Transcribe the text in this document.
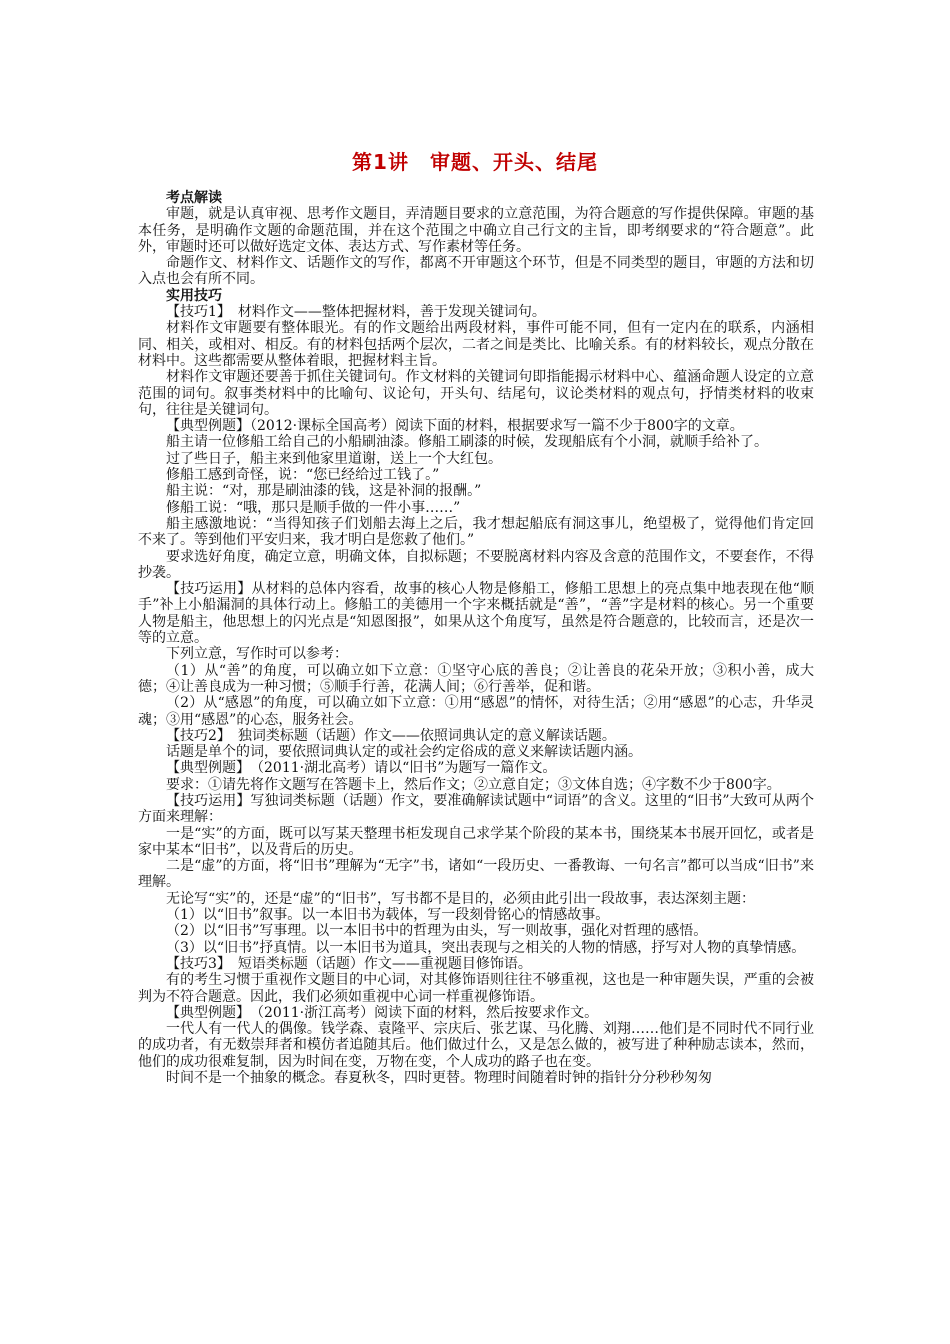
第1讲　审题、开头、结尾

考点解读

审题，就是认真审视、思考作文题目，弄清题目要求的立意范围，为符合题意的写作提供保障。审题的基本任务，是明确作文题的命题范围，并在这个范围之中确立自己行文的主旨，即考纲要求的“符合题意”。此外，审题时还可以做好选定文体、表达方式、写作素材等任务。

命题作文、材料作文、话题作文的写作，都离不开审题这个环节，但是不同类型的题目，审题的方法和切入点也会有所不同。

实用技巧

【技巧1】　材料作文——整体把握材料，善于发现关键词句。

材料作文审题要有整体眼光。有的作文题给出两段材料，事件可能不同，但有一定内在的联系，内涵相同、相关，或相对、相反。有的材料包括两个层次，二者之间是类比、比喻关系。有的材料较长，观点分散在材料中。这些都需要从整体着眼，把握材料主旨。

材料作文审题还要善于抓住关键词句。作文材料的关键词句即指能揭示材料中心、蕴涵命题人设定的立意范围的词句。叙事类材料中的比喻句、议论句，开头句、结尾句，议论类材料的观点句，抒情类材料的收束句，往往是关键词句。

【典型例题】（2012·课标全国高考）阅读下面的材料，根据要求写一篇不少于800字的文章。

船主请一位修船工给自己的小船刷油漆。修船工刷漆的时候，发现船底有个小洞，就顺手给补了。

过了些日子，船主来到他家里道谢，送上一个大红包。

修船工感到奇怪，说：“您已经给过工钱了。”

船主说：“对，那是刷油漆的钱，这是补洞的报酬。”

修船工说：“哦，那只是顺手做的一件小事……”

船主感激地说：“当得知孩子们划船去海上之后，我才想起船底有洞这事儿，绝望极了，觉得他们肯定回不来了。等到他们平安归来，我才明白是您救了他们。”

要求选好角度，确定立意，明确文体，自拟标题；不要脱离材料内容及含意的范围作文，不要套作，不得抄袭。

【技巧运用】从材料的总体内容看，故事的核心人物是修船工，修船工思想上的亮点集中地表现在他“顺手”补上小船漏洞的具体行动上。修船工的美德用一个字来概括就是“善”，“善”字是材料的核心。另一个重要人物是船主，他思想上的闪光点是“知恩图报”，如果从这个角度写，虽然是符合题意的，比较而言，还是次一等的立意。

下列立意，写作时可以参考：

（1）从“善”的角度，可以确立如下立意：①坚守心底的善良；②让善良的花朵开放；③积小善，成大德；④让善良成为一种习惯；⑤顺手行善，花满人间；⑥行善举，促和谐。

（2）从“感恩”的角度，可以确立如下立意：①用“感恩”的情怀，对待生活；②用“感恩”的心志，升华灵魂；③用“感恩”的心态，服务社会。

【技巧2】　独词类标题（话题）作文——依照词典认定的意义解读话题。

话题是单个的词，要依照词典认定的或社会约定俗成的意义来解读话题内涵。

【典型例题】　（2011·湖北高考）请以“旧书”为题写一篇作文。

要求：①请先将作文题写在答题卡上，然后作文；②立意自定；③文体自选；④字数不少于800字。

【技巧运用】写独词类标题（话题）作文，要准确解读试题中“词语”的含义。这里的“旧书”大致可从两个方面来理解：

一是“实”的方面，既可以写某天整理书柜发现自己求学某个阶段的某本书，围绕某本书展开回忆，或者是家中某本“旧书”，以及背后的历史。

二是“虚”的方面，将“旧书”理解为“无字”书，诸如“一段历史、一番教诲、一句名言”都可以当成“旧书”来理解。

无论写“实”的，还是“虚”的“旧书”，写书都不是目的，必须由此引出一段故事，表达深刻主题：

（1）以“旧书”叙事。以一本旧书为载体，写一段刻骨铭心的情感故事。

（2）以“旧书”写事理。以一本旧书中的哲理为由头，写一则故事，强化对哲理的感悟。

（3）以“旧书”抒真情。以一本旧书为道具，突出表现与之相关的人物的情感，抒写对人物的真挚情感。

【技巧3】　短语类标题（话题）作文——重视题目修饰语。

有的考生习惯于重视作文题目的中心词，对其修饰语则往往不够重视，这也是一种审题失误，严重的会被判为不符合题意。因此，我们必须如重视中心词一样重视修饰语。

【典型例题】　（2011·浙江高考）阅读下面的材料，然后按要求作文。

一代人有一代人的偶像。钱学森、袁隆平、宗庆后、张艺谋、马化腾、刘翔……他们是不同时代不同行业的成功者，有无数崇拜者和模仿者追随其后。他们做过什么，又是怎么做的，被写进了种种励志读本，然而，他们的成功很难复制，因为时间在变，万物在变，个人成功的路子也在变。

时间不是一个抽象的概念。春夏秋冬，四时更替。物理时间随着时钟的指针分分秒秒匆匆
